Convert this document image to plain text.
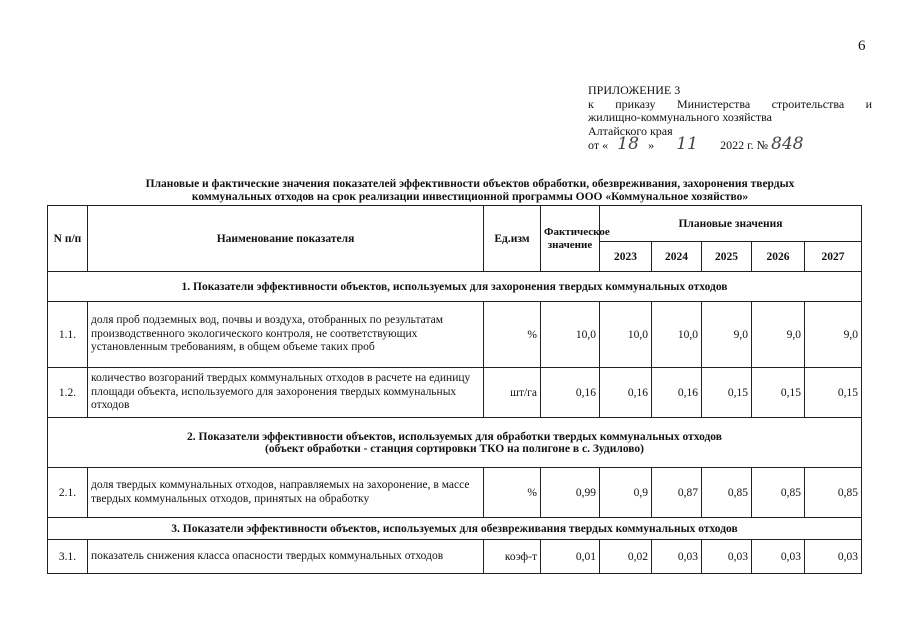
6
ПРИЛОЖЕНИЕ 3
к приказу Министерства строительства и
жилищно-коммунального хозяйства
Алтайского края
от « 18 » 11 2022 г. № 848
Плановые и фактические значения показателей эффективности объектов обработки, обезвреживания, захоронения твердых
коммунальных отходов на срок реализации инвестиционной программы ООО «Коммунальное хозяйство»
N п/п	Наименование показателя	Ед.изм	Фактическое значение	Плановые значения				
				2023	2024	2025	2026	2027
1. Показатели эффективности объектов, используемых для захоронения твердых коммунальных отходов								
1.1.	доля проб подземных вод, почвы и воздуха, отобранных по результатам производственного экологического контроля, не соответствующих установленным требованиям, в общем объеме таких проб	%	10,0	10,0	10,0	9,0	9,0	9,0
1.2.	количество возгораний твердых коммунальных отходов в расчете на единицу площади объекта, используемого для захоронения твердых коммунальных отходов	шт/га	0,16	0,16	0,16	0,15	0,15	0,15
2. Показатели эффективности объектов, используемых для обработки твердых коммунальных отходов
(объект обработки - станция сортировки ТКО на полигоне в с. Зудилово)								
2.1.	доля твердых коммунальных отходов, направляемых на захоронение, в массе твердых коммунальных отходов, принятых на обработку	%	0,99	0,9	0,87	0,85	0,85	0,85
3. Показатели эффективности объектов, используемых для обезвреживания твердых коммунальных отходов								
3.1.	показатель снижения класса опасности твердых коммунальных отходов	коэф-т	0,01	0,02	0,03	0,03	0,03	0,03
